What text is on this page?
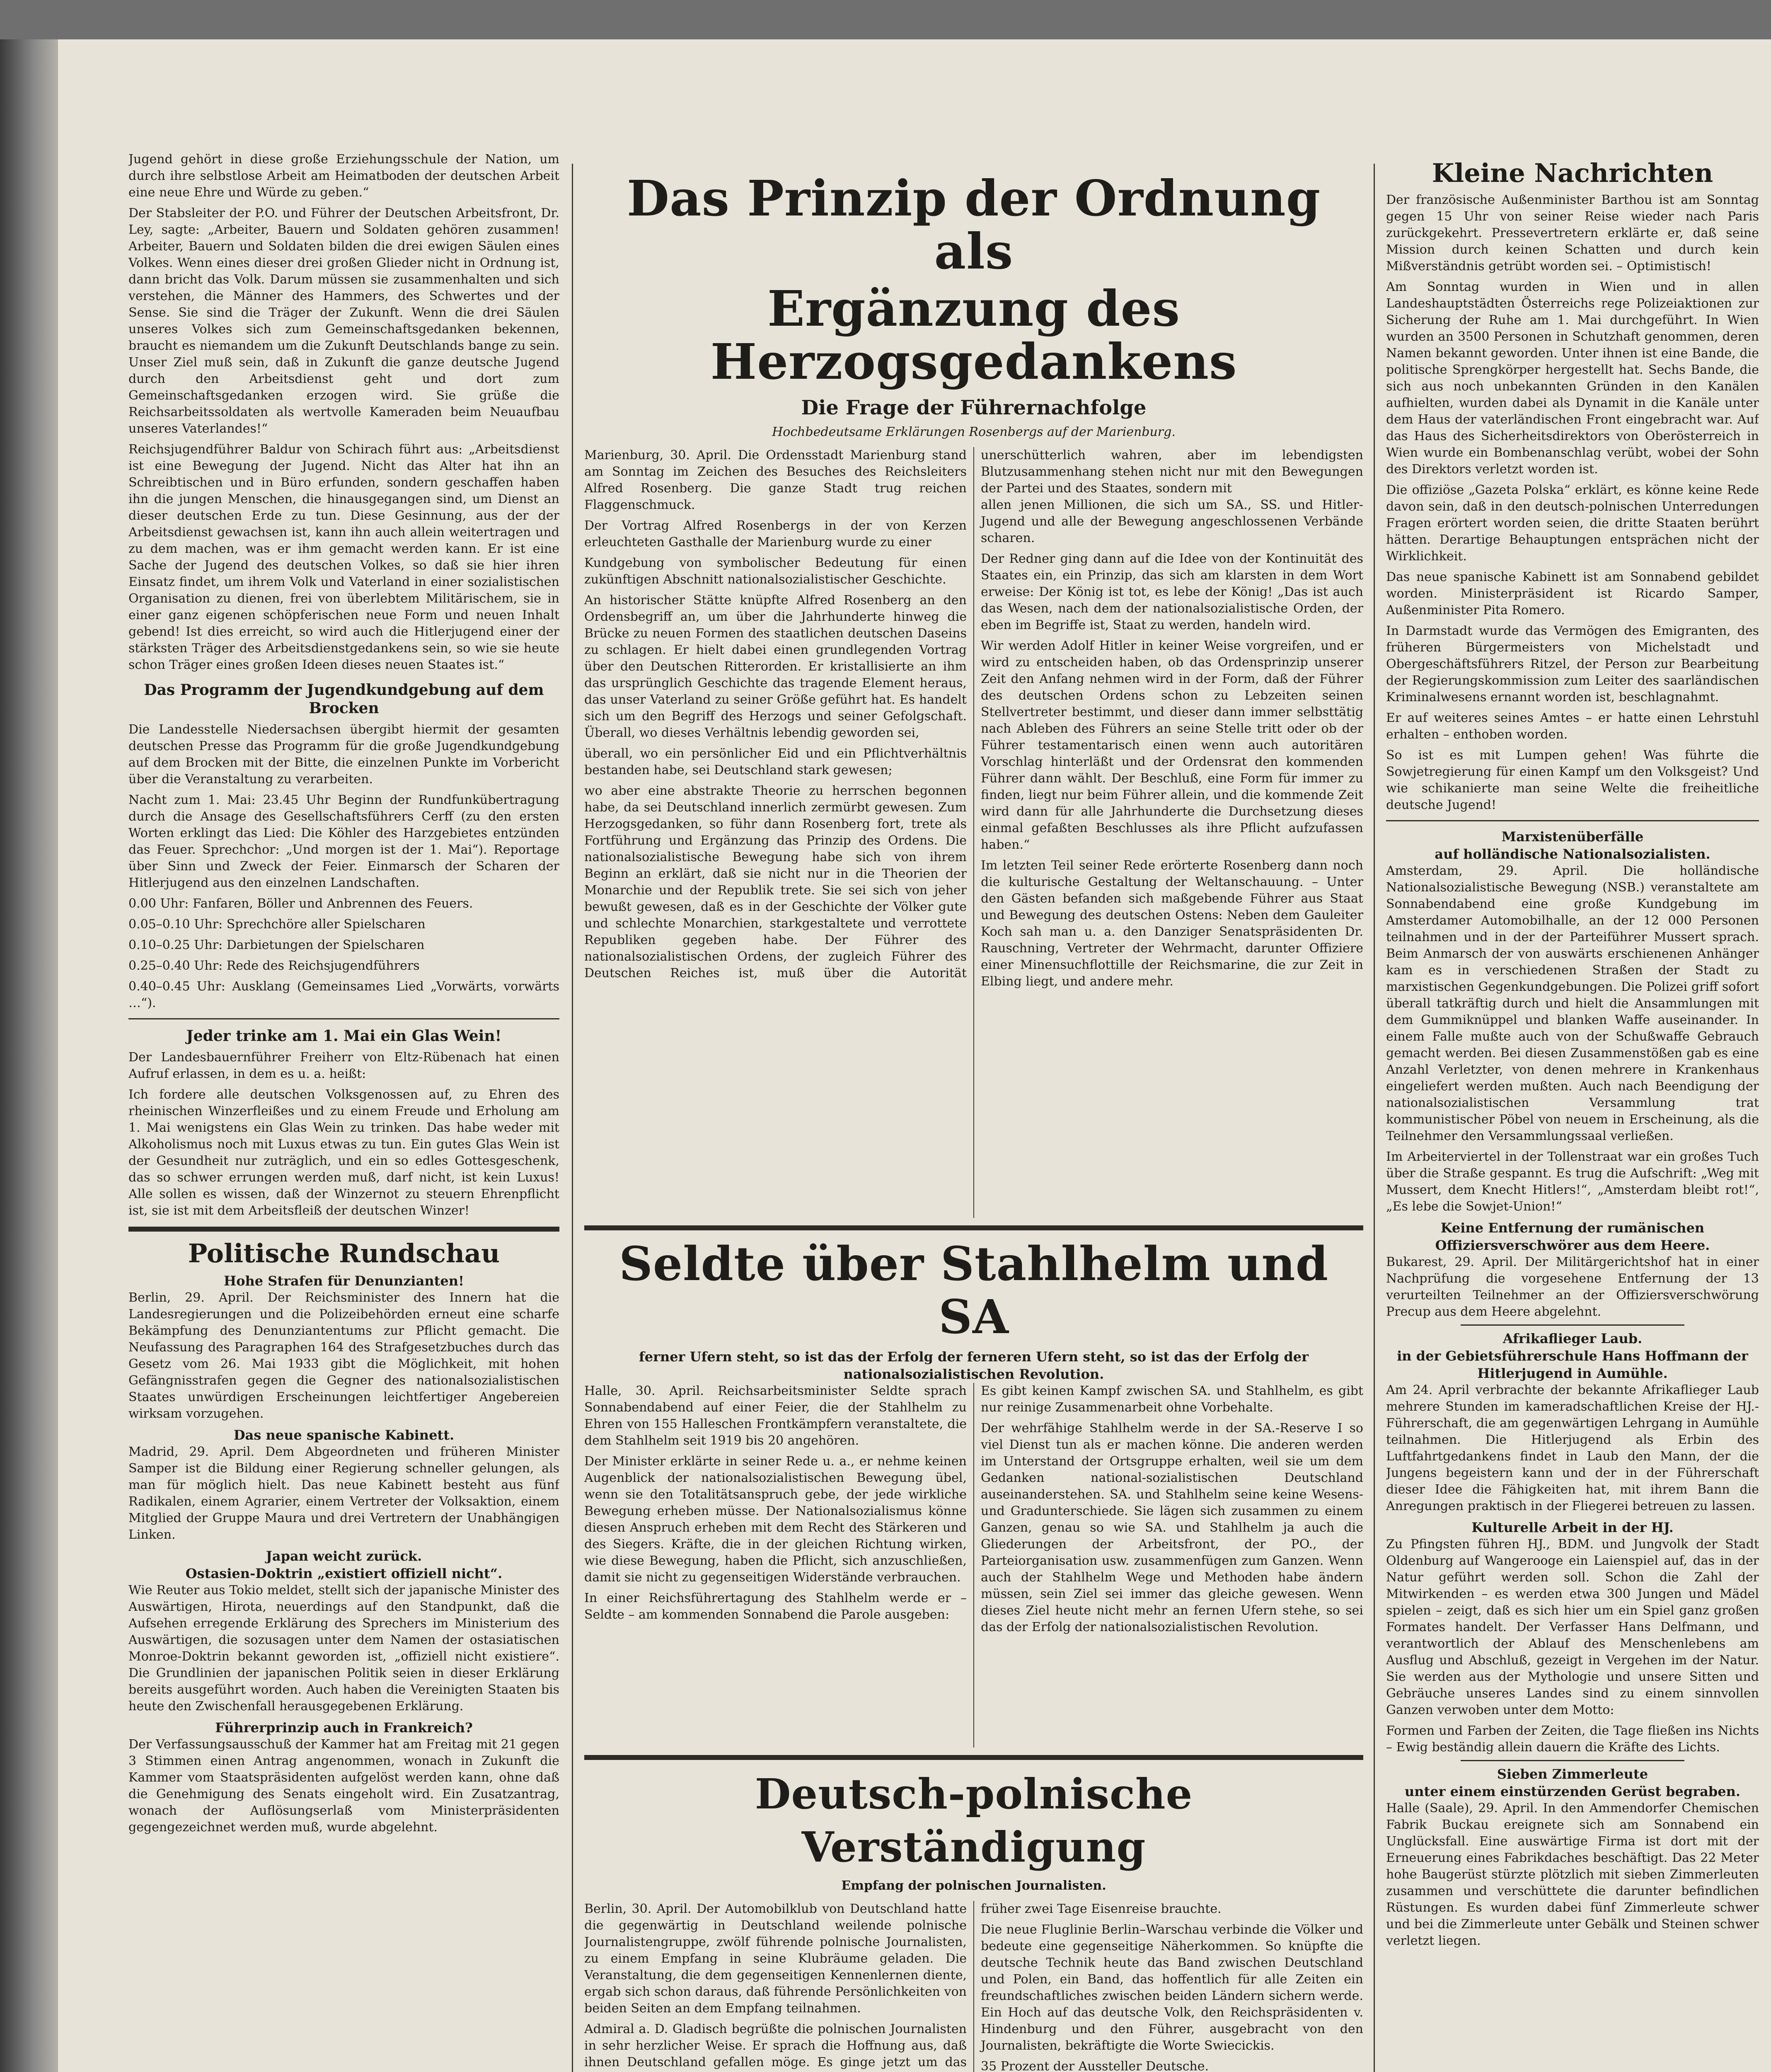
Jugend gehört in diese große Erziehungsschule der Nation, um durch ihre selbstlose Arbeit am Heimatboden der deutschen Arbeit eine neue Ehre und Würde zu geben.“

Der Stabsleiter der P.O. und Führer der Deutschen Arbeitsfront, Dr. Ley, sagte: „Arbeiter, Bauern und Soldaten gehören zusammen! Arbeiter, Bauern und Soldaten bilden die drei ewigen Säulen eines Volkes. Wenn eines dieser drei großen Glieder nicht in Ordnung ist, dann bricht das Volk. Darum müssen sie zusammenhalten und sich verstehen, die Männer des Hammers, des Schwertes und der Sense. Sie sind die Träger der Zukunft. Wenn die drei Säulen unseres Volkes sich zum Gemeinschaftsgedanken bekennen, braucht es niemandem um die Zukunft Deutschlands bange zu sein. Unser Ziel muß sein, daß in Zukunft die ganze deutsche Jugend durch den Arbeitsdienst geht und dort zum Gemeinschaftsgedanken erzogen wird. Sie grüße die Reichsarbeitssoldaten als wertvolle Kameraden beim Neuaufbau unseres Vaterlandes!“

Reichsjugendführer Baldur von Schirach führt aus: „Arbeitsdienst ist eine Bewegung der Jugend. Nicht das Alter hat ihn an Schreibtischen und in Büro erfunden, sondern geschaffen haben ihn die jungen Menschen, die hinausgegangen sind, um Dienst an dieser deutschen Erde zu tun. Diese Gesinnung, aus der der Arbeitsdienst gewachsen ist, kann ihn auch allein weitertragen und zu dem machen, was er ihm gemacht werden kann. Er ist eine Sache der Jugend des deutschen Volkes, so daß sie hier ihren Einsatz findet, um ihrem Volk und Vaterland in einer sozialistischen Organisation zu dienen, frei von überlebtem Militärischem, sie in einer ganz eigenen schöpferischen neue Form und neuen Inhalt gebend! Ist dies erreicht, so wird auch die Hitlerjugend einer der stärksten Träger des Arbeitsdienstgedankens sein, so wie sie heute schon Träger eines großen Ideen dieses neuen Staates ist.“

Das Programm der Jugendkundgebung auf dem Brocken

Die Landesstelle Niedersachsen übergibt hiermit der gesamten deutschen Presse das Programm für die große Jugendkundgebung auf dem Brocken mit der Bitte, die einzelnen Punkte im Vorbericht über die Veranstaltung zu verarbeiten.

Nacht zum 1. Mai: 23.45 Uhr Beginn der Rundfunkübertragung durch die Ansage des Gesellschaftsführers Cerff (zu den ersten Worten erklingt das Lied: Die Köhler des Harzgebietes entzünden das Feuer. Sprechchor: „Und morgen ist der 1. Mai“). Reportage über Sinn und Zweck der Feier. Einmarsch der Scharen der Hitlerjugend aus den einzelnen Landschaften.

0.00 Uhr: Fanfaren, Böller und Anbrennen des Feuers.

0.05–0.10 Uhr: Sprechchöre aller Spielscharen

0.10–0.25 Uhr: Darbietungen der Spielscharen

0.25–0.40 Uhr: Rede des Reichsjugendführers

0.40–0.45 Uhr: Ausklang (Gemeinsames Lied „Vorwärts, vorwärts …“).

Jeder trinke am 1. Mai ein Glas Wein!

Der Landesbauernführer Freiherr von Eltz-Rübenach hat einen Aufruf erlassen, in dem es u. a. heißt:

Ich fordere alle deutschen Volksgenossen auf, zu Ehren des rheinischen Winzerfleißes und zu einem Freude und Erholung am 1. Mai wenigstens ein Glas Wein zu trinken. Das habe weder mit Alkoholismus noch mit Luxus etwas zu tun. Ein gutes Glas Wein ist der Gesundheit nur zuträglich, und ein so edles Gottesgeschenk, das so schwer errungen werden muß, darf nicht, ist kein Luxus! Alle sollen es wissen, daß der Winzernot zu steuern Ehrenpflicht ist, sie ist mit dem Arbeitsfleiß der deutschen Winzer!

Politische Rundschau
Hohe Strafen für Denunzianten!

Berlin, 29. April. Der Reichsminister des Innern hat die Landesregierungen und die Polizeibehörden erneut eine scharfe Bekämpfung des Denunziantentums zur Pflicht gemacht. Die Neufassung des Paragraphen 164 des Strafgesetzbuches durch das Gesetz vom 26. Mai 1933 gibt die Möglichkeit, mit hohen Gefängnisstrafen gegen die Gegner des nationalsozialistischen Staates unwürdigen Erscheinungen leichtfertiger Angebereien wirksam vorzugehen.

Das neue spanische Kabinett.

Madrid, 29. April. Dem Abgeordneten und früheren Minister Samper ist die Bildung einer Regierung schneller gelungen, als man für möglich hielt. Das neue Kabinett besteht aus fünf Radikalen, einem Agrarier, einem Vertreter der Volksaktion, einem Mitglied der Gruppe Maura und drei Vertretern der Unabhängigen Linken.

Japan weicht zurück.
Ostasien-Doktrin „existiert offiziell nicht“.

Wie Reuter aus Tokio meldet, stellt sich der japanische Minister des Auswärtigen, Hirota, neuerdings auf den Standpunkt, daß die Aufsehen erregende Erklärung des Sprechers im Ministerium des Auswärtigen, die sozusagen unter dem Namen der ostasiatischen Monroe-Doktrin bekannt geworden ist, „offiziell nicht existiere“. Die Grundlinien der japanischen Politik seien in dieser Erklärung bereits ausgeführt worden. Auch haben die Vereinigten Staaten bis heute den Zwischenfall herausgegebenen Erklärung.

Führerprinzip auch in Frankreich?

Der Verfassungsausschuß der Kammer hat am Freitag mit 21 gegen 3 Stimmen einen Antrag angenommen, wonach in Zukunft die Kammer vom Staatspräsidenten aufgelöst werden kann, ohne daß die Genehmigung des Senats eingeholt wird. Ein Zusatzantrag, wonach der Auflösungserlaß vom Ministerpräsidenten gegengezeichnet werden muß, wurde abgelehnt.

Das Prinzip der Ordnung als
Ergänzung des Herzogsgedankens
Die Frage der Führernachfolge
Hochbedeutsame Erklärungen Rosenbergs auf der Marienburg.

Marienburg, 30. April. Die Ordensstadt Marienburg stand am Sonntag im Zeichen des Besuches des Reichsleiters Alfred Rosenberg. Die ganze Stadt trug reichen Flaggenschmuck.

Der Vortrag Alfred Rosenbergs in der von Kerzen erleuchteten Gasthalle der Marienburg wurde zu einer

Kundgebung von symbolischer Bedeutung für einen zukünftigen Abschnitt nationalsozialistischer Geschichte.

An historischer Stätte knüpfte Alfred Rosenberg an den Ordensbegriff an, um über die Jahrhunderte hinweg die Brücke zu neuen Formen des staatlichen deutschen Daseins zu schlagen. Er hielt dabei einen grundlegenden Vortrag über den Deutschen Ritterorden. Er kristallisierte an ihm das ursprünglich Geschichte das tragende Element heraus, das unser Vaterland zu seiner Größe geführt hat. Es handelt sich um den Begriff des Herzogs und seiner Gefolgschaft. Überall, wo dieses Verhältnis lebendig geworden sei,

überall, wo ein persönlicher Eid und ein Pflichtverhältnis bestanden habe, sei Deutschland stark gewesen;

wo aber eine abstrakte Theorie zu herrschen begonnen habe, da sei Deutschland innerlich zermürbt gewesen. Zum Herzogsgedanken, so führ dann Rosenberg fort, trete als Fortführung und Ergänzung das Prinzip des Ordens. Die nationalsozialistische Bewegung habe sich von ihrem Beginn an erklärt, daß sie nicht nur in die Theorien der Monarchie und der Republik trete. Sie sei sich von jeher bewußt gewesen, daß es in der Geschichte der Völker gute und schlechte Monarchien, starkgestaltete und verrottete Republiken gegeben habe. Der Führer des nationalsozialistischen Ordens, der zugleich Führer des Deutschen Reiches ist, muß über die Autorität unerschütterlich wahren, aber im lebendigsten Blutzusammenhang stehen nicht nur mit den Bewegungen der Partei und des Staates, sondern mit

allen jenen Millionen, die sich um SA., SS. und Hitler-Jugend und alle der Bewegung angeschlossenen Verbände scharen.

Der Redner ging dann auf die Idee von der Kontinuität des Staates ein, ein Prinzip, das sich am klarsten in dem Wort erweise: Der König ist tot, es lebe der König! „Das ist auch das Wesen, nach dem der nationalsozialistische Orden, der eben im Begriffe ist, Staat zu werden, handeln wird.

Wir werden Adolf Hitler in keiner Weise vorgreifen, und er wird zu entscheiden haben, ob das Ordensprinzip unserer Zeit den Anfang nehmen wird in der Form, daß der Führer des deutschen Ordens schon zu Lebzeiten seinen Stellvertreter bestimmt, und dieser dann immer selbsttätig nach Ableben des Führers an seine Stelle tritt oder ob der Führer testamentarisch einen wenn auch autoritären Vorschlag hinterläßt und der Ordensrat den kommenden Führer dann wählt. Der Beschluß, eine Form für immer zu finden, liegt nur beim Führer allein, und die kommende Zeit wird dann für alle Jahrhunderte die Durchsetzung dieses einmal gefaßten Beschlusses als ihre Pflicht aufzufassen haben.“

Im letzten Teil seiner Rede erörterte Rosenberg dann noch die kulturische Gestaltung der Weltanschauung. – Unter den Gästen befanden sich maßgebende Führer aus Staat und Bewegung des deutschen Ostens: Neben dem Gauleiter Koch sah man u. a. den Danziger Senatspräsidenten Dr. Rauschning, Vertreter der Wehrmacht, darunter Offiziere einer Minensuchflottille der Reichsmarine, die zur Zeit in Elbing liegt, und andere mehr.

Seldte über Stahlhelm und SA
ferner Ufern steht, so ist das der Erfolg der ferneren Ufern steht, so ist das der Erfolg der nationalsozialistischen Revolution.

Halle, 30. April. Reichsarbeitsminister Seldte sprach Sonnabendabend auf einer Feier, die der Stahlhelm zu Ehren von 155 Halleschen Frontkämpfern veranstaltete, die dem Stahlhelm seit 1919 bis 20 angehören.

Der Minister erklärte in seiner Rede u. a., er nehme keinen Augenblick der nationalsozialistischen Bewegung übel, wenn sie den Totalitätsanspruch gebe, der jede wirkliche Bewegung erheben müsse. Der Nationalsozialismus könne diesen Anspruch erheben mit dem Recht des Stärkeren und des Siegers. Kräfte, die in der gleichen Richtung wirken, wie diese Bewegung, haben die Pflicht, sich anzuschließen, damit sie nicht zu gegenseitigen Widerstände verbrauchen.

In einer Reichsführertagung des Stahlhelm werde er – Seldte – am kommenden Sonnabend die Parole ausgeben:

Es gibt keinen Kampf zwischen SA. und Stahlhelm, es gibt nur reinige Zusammenarbeit ohne Vorbehalte.

Der wehrfähige Stahlhelm werde in der SA.-Reserve I so viel Dienst tun als er machen könne. Die anderen werden im Unterstand der Ortsgruppe erhalten, weil sie um dem Gedanken national-sozialistischen Deutschland auseinanderstehen. SA. und Stahlhelm seine keine Wesens- und Gradunterschiede. Sie lägen sich zusammen zu einem Ganzen, genau so wie SA. und Stahlhelm ja auch die Gliederungen der Arbeitsfront, der PO., der Parteiorganisation usw. zusammenfügen zum Ganzen. Wenn auch der Stahlhelm Wege und Methoden habe ändern müssen, sein Ziel sei immer das gleiche gewesen. Wenn dieses Ziel heute nicht mehr an fernen Ufern stehe, so sei das der Erfolg der nationalsozialistischen Revolution.

Deutsch-polnische Verständigung
Empfang der polnischen Journalisten.

Berlin, 30. April. Der Automobilklub von Deutschland hatte die gegenwärtig in Deutschland weilende polnische Journalistengruppe, zwölf führende polnische Journalisten, zu einem Empfang in seine Klubräume geladen. Die Veranstaltung, die dem gegenseitigen Kennenlernen diente, ergab sich schon daraus, daß führende Persönlichkeiten von beiden Seiten an dem Empfang teilnahmen.

Admiral a. D. Gladisch begrüßte die polnischen Journalisten in sehr herzlicher Weise. Er sprach die Hoffnung aus, daß ihnen Deutschland gefallen möge. Es ginge jetzt um das

früher zwei Tage Eisenreise brauchte.

Die neue Fluglinie Berlin–Warschau verbinde die Völker und bedeute eine gegenseitige Näherkommen. So knüpfte die deutsche Technik heute das Band zwischen Deutschland und Polen, ein Band, das hoffentlich für alle Zeiten ein freundschaftliches zwischen beiden Ländern sichern werde. Ein Hoch auf das deutsche Volk, den Reichspräsidenten v. Hindenburg und den Führer, ausgebracht von den Journalisten, bekräftigte die Worte Swiecickis.

35 Prozent der Aussteller Deutsche.

Kleine Nachrichten

Der französische Außenminister Barthou ist am Sonntag gegen 15 Uhr von seiner Reise wieder nach Paris zurückgekehrt. Pressevertretern erklärte er, daß seine Mission durch keinen Schatten und durch kein Mißverständnis getrübt worden sei. – Optimistisch!

Am Sonntag wurden in Wien und in allen Landeshauptstädten Österreichs rege Polizeiaktionen zur Sicherung der Ruhe am 1. Mai durchgeführt. In Wien wurden an 3500 Personen in Schutzhaft genommen, deren Namen bekannt geworden. Unter ihnen ist eine Bande, die politische Sprengkörper hergestellt hat. Sechs Bande, die sich aus noch unbekannten Gründen in den Kanälen aufhielten, wurden dabei als Dynamit in die Kanäle unter dem Haus der vaterländischen Front eingebracht war. Auf das Haus des Sicherheitsdirektors von Oberösterreich in Wien wurde ein Bombenanschlag verübt, wobei der Sohn des Direktors verletzt worden ist.

Die offiziöse „Gazeta Polska“ erklärt, es könne keine Rede davon sein, daß in den deutsch-polnischen Unterredungen Fragen erörtert worden seien, die dritte Staaten berührt hätten. Derartige Behauptungen entsprächen nicht der Wirklichkeit.

Das neue spanische Kabinett ist am Sonnabend gebildet worden. Ministerpräsident ist Ricardo Samper, Außenminister Pita Romero.

In Darmstadt wurde das Vermögen des Emigranten, des früheren Bürgermeisters von Michelstadt und Obergeschäftsführers Ritzel, der Person zur Bearbeitung der Regierungskommission zum Leiter des saarländischen Kriminalwesens ernannt worden ist, beschlagnahmt.

Er auf weiteres seines Amtes – er hatte einen Lehrstuhl erhalten – enthoben worden.

So ist es mit Lumpen gehen! Was führte die Sowjetregierung für einen Kampf um den Volksgeist? Und wie schikanierte man seine Welte die freiheitliche deutsche Jugend!

Marxistenüberfälle
auf holländische Nationalsozialisten.

Amsterdam, 29. April. Die holländische Nationalsozialistische Bewegung (NSB.) veranstaltete am Sonnabendabend eine große Kundgebung im Amsterdamer Automobilhalle, an der 12 000 Personen teilnahmen und in der der Parteiführer Mussert sprach. Beim Anmarsch der von auswärts erschienenen Anhänger kam es in verschiedenen Straßen der Stadt zu marxistischen Gegenkundgebungen. Die Polizei griff sofort überall tatkräftig durch und hielt die Ansammlungen mit dem Gummiknüppel und blanken Waffe auseinander. In einem Falle mußte auch von der Schußwaffe Gebrauch gemacht werden. Bei diesen Zusammenstößen gab es eine Anzahl Verletzter, von denen mehrere in Krankenhaus eingeliefert werden mußten. Auch nach Beendigung der nationalsozialistischen Versammlung trat kommunistischer Pöbel von neuem in Erscheinung, als die Teilnehmer den Versammlungssaal verließen.

Im Arbeiterviertel in der Tollenstraat war ein großes Tuch über die Straße gespannt. Es trug die Aufschrift: „Weg mit Mussert, dem Knecht Hitlers!“, „Amsterdam bleibt rot!“, „Es lebe die Sowjet-Union!“

Keine Entfernung der rumänischen Offiziersverschwörer aus dem Heere.

Bukarest, 29. April. Der Militärgerichtshof hat in einer Nachprüfung die vorgesehene Entfernung der 13 verurteilten Teilnehmer an der Offiziersverschwörung Precup aus dem Heere abgelehnt.

Afrikaflieger Laub.
in der Gebietsführerschule Hans Hoffmann der Hitlerjugend in Aumühle.

Am 24. April verbrachte der bekannte Afrikaflieger Laub mehrere Stunden im kameradschaftlichen Kreise der HJ.-Führerschaft, die am gegenwärtigen Lehrgang in Aumühle teilnahmen. Die Hitlerjugend als Erbin des Luftfahrtgedankens findet in Laub den Mann, der die Jungens begeistern kann und der in der Führerschaft dieser Idee die Fähigkeiten hat, mit ihrem Bann die Anregungen praktisch in der Fliegerei betreuen zu lassen.

Kulturelle Arbeit in der HJ.

Zu Pfingsten führen HJ., BDM. und Jungvolk der Stadt Oldenburg auf Wangerooge ein Laienspiel auf, das in der Natur geführt werden soll. Schon die Zahl der Mitwirkenden – es werden etwa 300 Jungen und Mädel spielen – zeigt, daß es sich hier um ein Spiel ganz großen Formates handelt. Der Verfasser Hans Delfmann, und verantwortlich der Ablauf des Menschenlebens am Ausflug und Abschluß, gezeigt in Vergehen im der Natur. Sie werden aus der Mythologie und unsere Sitten und Gebräuche unseres Landes sind zu einem sinnvollen Ganzen verwoben unter dem Motto:

Formen und Farben der Zeiten, die Tage fließen ins Nichts – Ewig beständig allein dauern die Kräfte des Lichts.

Sieben Zimmerleute
unter einem einstürzenden Gerüst begraben.

Halle (Saale), 29. April. In den Ammendorfer Chemischen Fabrik Buckau ereignete sich am Sonnabend ein Unglücksfall. Eine auswärtige Firma ist dort mit der Erneuerung eines Fabrikdaches beschäftigt. Das 22 Meter hohe Baugerüst stürzte plötzlich mit sieben Zimmerleuten zusammen und verschüttete die darunter befindlichen Rüstungen. Es wurden dabei fünf Zimmerleute schwer und bei die Zimmerleute unter Gebälk und Steinen schwer verletzt liegen.
